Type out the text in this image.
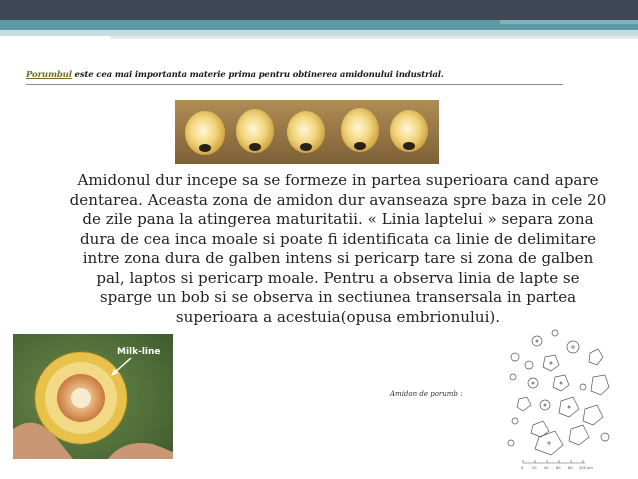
Porumbul este cea mai importanta materie prima pentru obtinerea amidonului industrial.
Amidonul dur incepe sa se formeze in partea superioara cand apare dentarea. Aceasta zona de amidon dur avanseaza spre baza in cele 20 de zile pana la atingerea maturitatii. « Linia laptelui » separa zona dura de cea inca moale si poate fi identificata ca linie de delimitare intre zona dura de galben intens si pericarp tare si zona de galben pal, laptos si pericarp moale. Pentru a observa linia de lapte se sparge un bob si se observa in sectiunea transersala in partea superioara a acestuia(opusa embrionului).
Milk-line
Amidon de porumb :
0 20 40 60 80 100 μm
